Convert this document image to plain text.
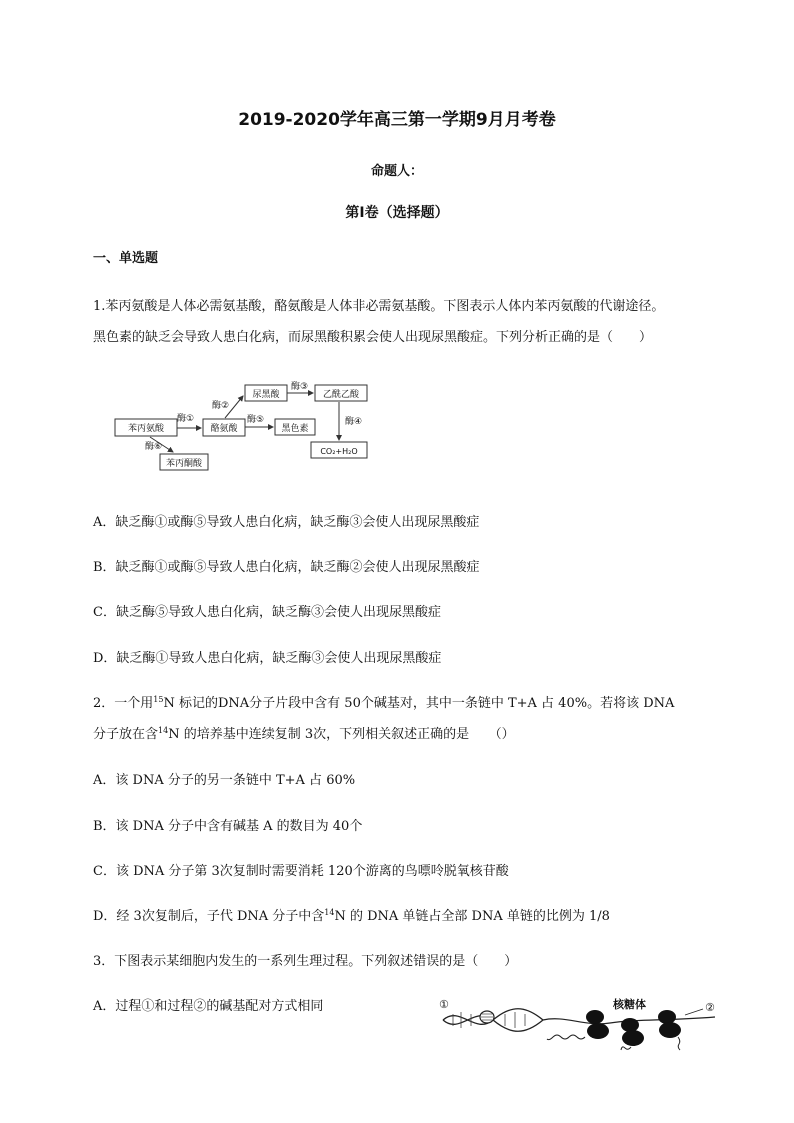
2019-2020学年高三第一学期9月月考卷
命题人：
第I卷（选择题）
一、单选题
1.苯丙氨酸是人体必需氨基酸，酪氨酸是人体非必需氨基酸。下图表示人体内苯丙氨酸的代谢途径。
黑色素的缺乏会导致人患白化病，而尿黑酸积累会使人出现尿黑酸症。下列分析正确的是（　　）
苯丙氨酸	酪氨酸
尿黑酸	乙酰乙酸
黑色素
CO₂+H₂O
苯丙酮酸
酶①
酶②
酶③
酶④
酶⑤
酶⑥
A．缺乏酶①或酶⑤导致人患白化病，缺乏酶③会使人出现尿黑酸症
B．缺乏酶①或酶⑤导致人患白化病，缺乏酶②会使人出现尿黑酸症
C．缺乏酶⑤导致人患白化病，缺乏酶③会使人出现尿黑酸症
D．缺乏酶①导致人患白化病，缺乏酶③会使人出现尿黑酸症
2．一个用$^{15}$N 标记的DNA分子片段中含有 50个碱基对，其中一条链中 T+A 占 40%。若将该 DNA
分子放在含$^{14}$N 的培养基中连续复制 3次，下列相关叙述正确的是　　（）
A．该 DNA 分子的另一条链中 T+A 占 60%
B．该 DNA 分子中含有碱基 A 的数目为 40个
C．该 DNA 分子第 3次复制时需要消耗 120个游离的鸟嘌呤脱氧核苷酸
D．经 3次复制后，子代 DNA 分子中含$^{14}$N 的 DNA 单链占全部 DNA 单链的比例为 1/8
3．下图表示某细胞内发生的一系列生理过程。下列叙述错误的是（　　）
A．过程①和过程②的碱基配对方式相同	①	②
核糖体
